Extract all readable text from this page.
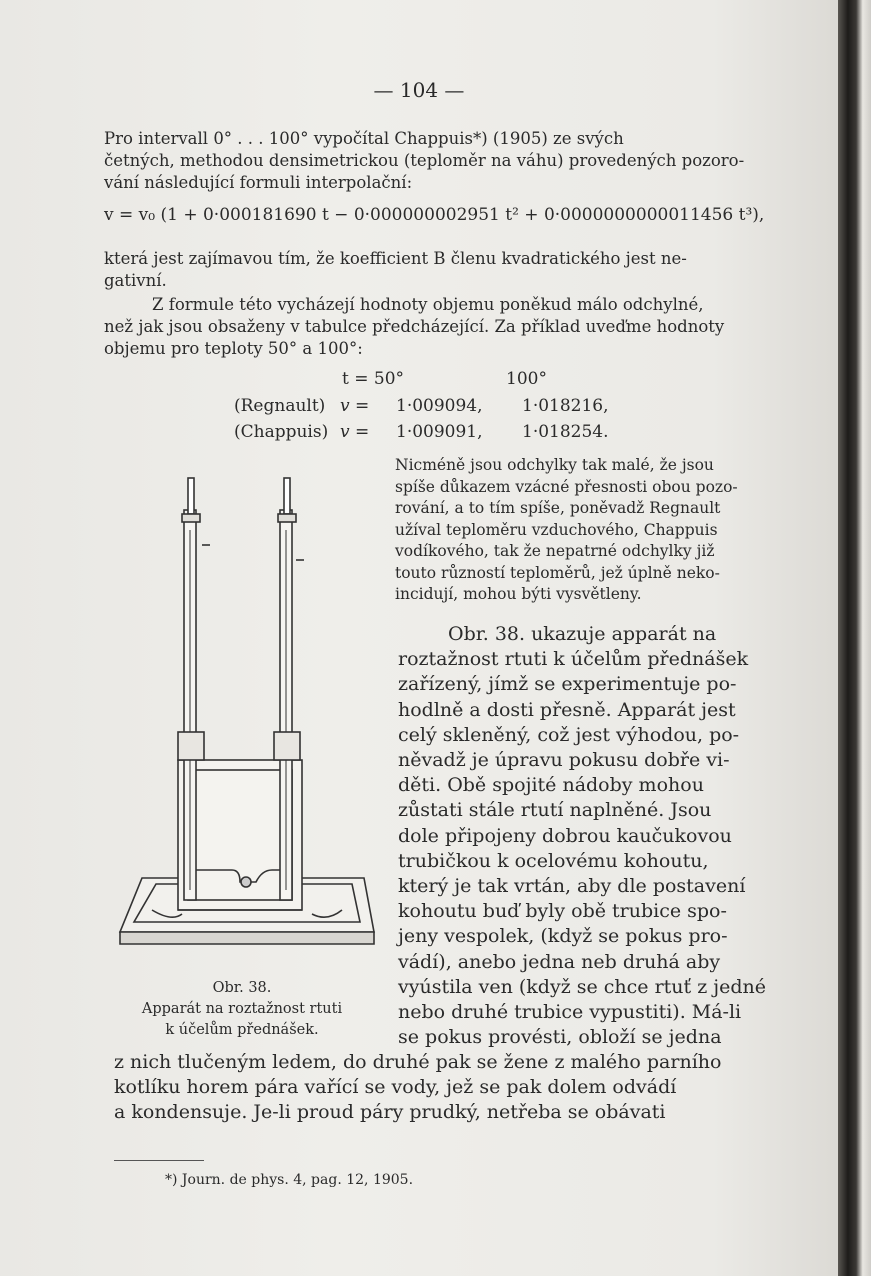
— 104 —
Pro intervall 0° . . . 100° vypočítal Chappuis*) (1905) ze svých
četných, methodou densimetrickou (teploměr na váhu) provedených pozoro-
vání následující formuli interpolační:
v = v₀ (1 + 0·000181690 t − 0·000000002951 t² + 0·0000000000011456 t³),
která jest zajímavou tím, že koefficient B členu kvadratického jest ne-
gativní.
Z formule této vycházejí hodnoty objemu poněkud málo odchylné,
než jak jsou obsaženy v tabulce předcházející. Za příklad uveďme hodnoty
objemu pro teploty 50° a 100°:
t = 50°	100°
(Regnault) v = 1·009094, 1·018216,
(Chappuis) v = 1·009091, 1·018254.
Nicméně jsou odchylky tak malé, že jsou
spíše důkazem vzácné přesnosti obou pozo-
rování, a to tím spíše, poněvadž Regnault
užíval teploměru vzduchového, Chappuis
vodíkového, tak že nepatrné odchylky již
touto růzností teploměrů, jež úplně neko-
incidují, mohou býti vysvětleny.
Obr. 38. ukazuje apparát na
roztažnost rtuti k účelům přednášek
zařízený, jímž se experimentuje po-
hodlně a dosti přesně. Apparát jest
celý skleněný, což jest výhodou, po-
něvadž je úpravu pokusu dobře vi-
děti. Obě spojité nádoby mohou
zůstati stále rtutí naplněné. Jsou
dole připojeny dobrou kaučukovou
trubičkou k ocelovému kohoutu,
který je tak vrtán, aby dle postavení
kohoutu buď byly obě trubice spo-
jeny vespolek, (když se pokus pro-
vádí), anebo jedna neb druhá aby
vyústila ven (když se chce rtuť z jedné
nebo druhé trubice vypustiti). Má-li
se pokus provésti, obloží se jedna
z nich tlučeným ledem, do druhé pak se žene z malého parního
kotlíku horem pára vařící se vody, jež se pak dolem odvádí
a kondensuje. Je-li proud páry prudký, netřeba se obávati
Obr. 38.
Apparát na roztažnost rtuti
k účelům přednášek.
*) Journ. de phys. 4, pag. 12, 1905.
